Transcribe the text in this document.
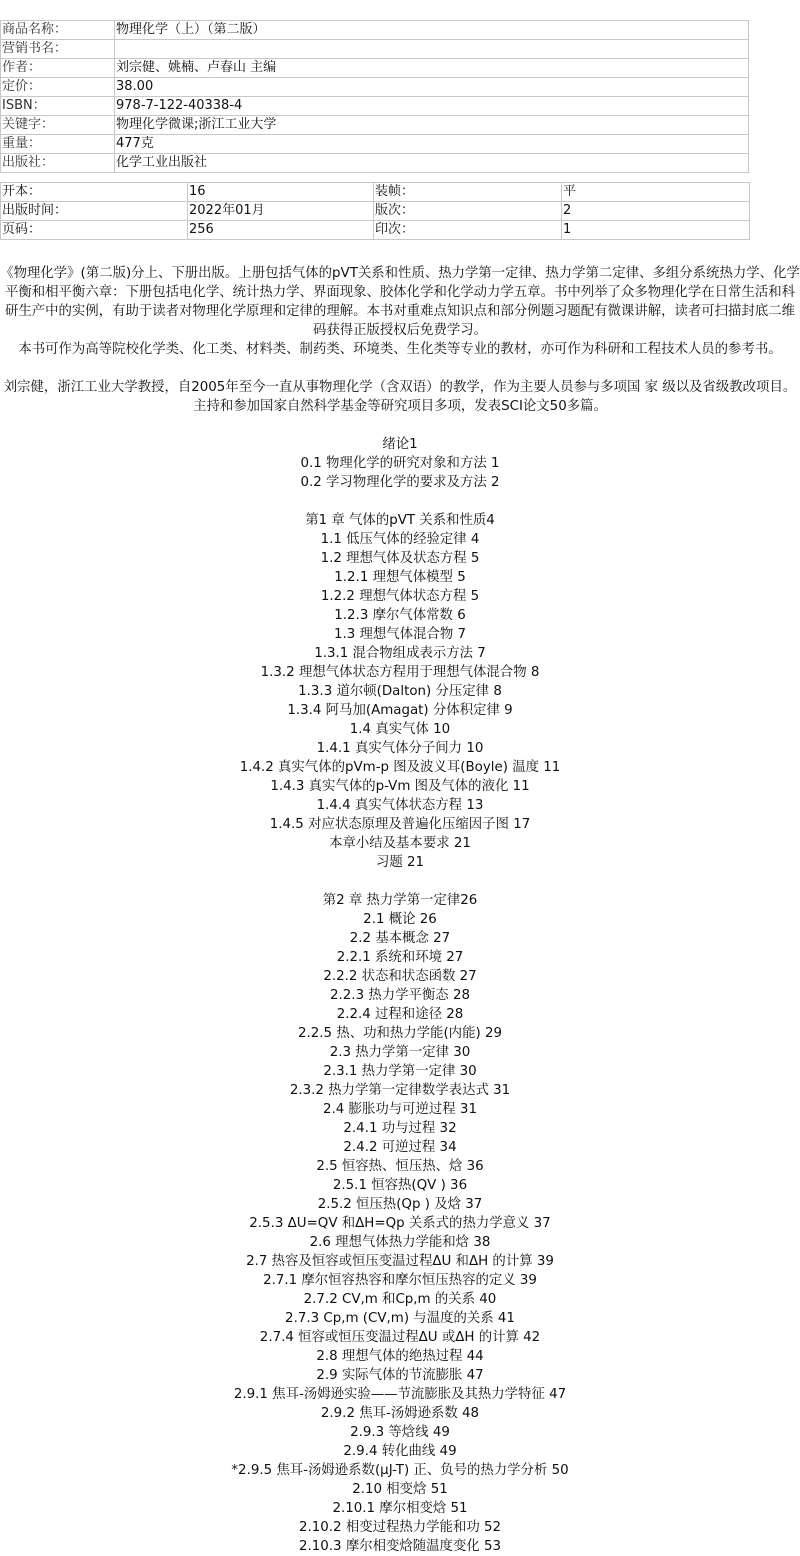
商品名称：	物理化学（上）（第二版）
营销书名：	
作者：	刘宗健、姚楠、卢春山 主编
定价：	38.00
ISBN：	978-7-122-40338-4
关键字：	物理化学微课;浙江工业大学
重量：	477克
出版社：	化学工业出版社
开本：	16	装帧：	平
出版时间：	2022年01月	版次：	2
页码：	256	印次：	1

《物理化学》(第二版)分上、下册出版。上册包括气体的pVT关系和性质、热力学第一定律、热力学第二定律、多组分系统热力学、化学平衡和相平衡六章：下册包括电化学、统计热力学、界面现象、胶体化学和化学动力学五章。书中列举了众多物理化学在日常生活和科研生产中的实例，有助于读者对物理化学原理和定律的理解。本书对重难点知识点和部分例题习题配有微课讲解，读者可扫描封底二维码获得正版授权后免费学习。

本书可作为高等院校化学类、化工类、材料类、制药类、环境类、生化类等专业的教材，亦可作为科研和工程技术人员的参考书。

刘宗健，浙江工业大学教授，自2005年至今一直从事物理化学（含双语）的教学，作为主要人员参与多项国 家 级以及省级教改项目。主持和参加国家自然科学基金等研究项目多项，发表SCI论文50多篇。

绪论1
0.1 物理化学的研究对象和方法 1
0.2 学习物理化学的要求及方法 2
第1 章 气体的pVT 关系和性质4
1.1 低压气体的经验定律 4
1.2 理想气体及状态方程 5
1.2.1 理想气体模型 5
1.2.2 理想气体状态方程 5
1.2.3 摩尔气体常数 6
1.3 理想气体混合物 7
1.3.1 混合物组成表示方法 7
1.3.2 理想气体状态方程用于理想气体混合物 8
1.3.3 道尔顿(Dalton) 分压定律 8
1.3.4 阿马加(Amagat) 分体积定律 9
1.4 真实气体 10
1.4.1 真实气体分子间力 10
1.4.2 真实气体的pVm-p 图及波义耳(Boyle) 温度 11
1.4.3 真实气体的p-Vm 图及气体的液化 11
1.4.4 真实气体状态方程 13
1.4.5 对应状态原理及普遍化压缩因子图 17
本章小结及基本要求 21
习题 21
第2 章 热力学第一定律26
2.1 概论 26
2.2 基本概念 27
2.2.1 系统和环境 27
2.2.2 状态和状态函数 27
2.2.3 热力学平衡态 28
2.2.4 过程和途径 28
2.2.5 热、功和热力学能(内能) 29
2.3 热力学第一定律 30
2.3.1 热力学第一定律 30
2.3.2 热力学第一定律数学表达式 31
2.4 膨胀功与可逆过程 31
2.4.1 功与过程 32
2.4.2 可逆过程 34
2.5 恒容热、恒压热、焓 36
2.5.1 恒容热(QV ) 36
2.5.2 恒压热(Qp ) 及焓 37
2.5.3 ΔU=QV 和ΔH=Qp 关系式的热力学意义 37
2.6 理想气体热力学能和焓 38
2.7 热容及恒容或恒压变温过程ΔU 和ΔH 的计算 39
2.7.1 摩尔恒容热容和摩尔恒压热容的定义 39
2.7.2 CV,m 和Cp,m 的关系 40
2.7.3 Cp,m (CV,m) 与温度的关系 41
2.7.4 恒容或恒压变温过程ΔU 或ΔH 的计算 42
2.8 理想气体的绝热过程 44
2.9 实际气体的节流膨胀 47
2.9.1 焦耳-汤姆逊实验——节流膨胀及其热力学特征 47
2.9.2 焦耳-汤姆逊系数 48
2.9.3 等焓线 49
2.9.4 转化曲线 49
*2.9.5 焦耳-汤姆逊系数(μJ-T) 正、负号的热力学分析 50
2.10 相变焓 51
2.10.1 摩尔相变焓 51
2.10.2 相变过程热力学能和功 52
2.10.3 摩尔相变焓随温度变化 53
